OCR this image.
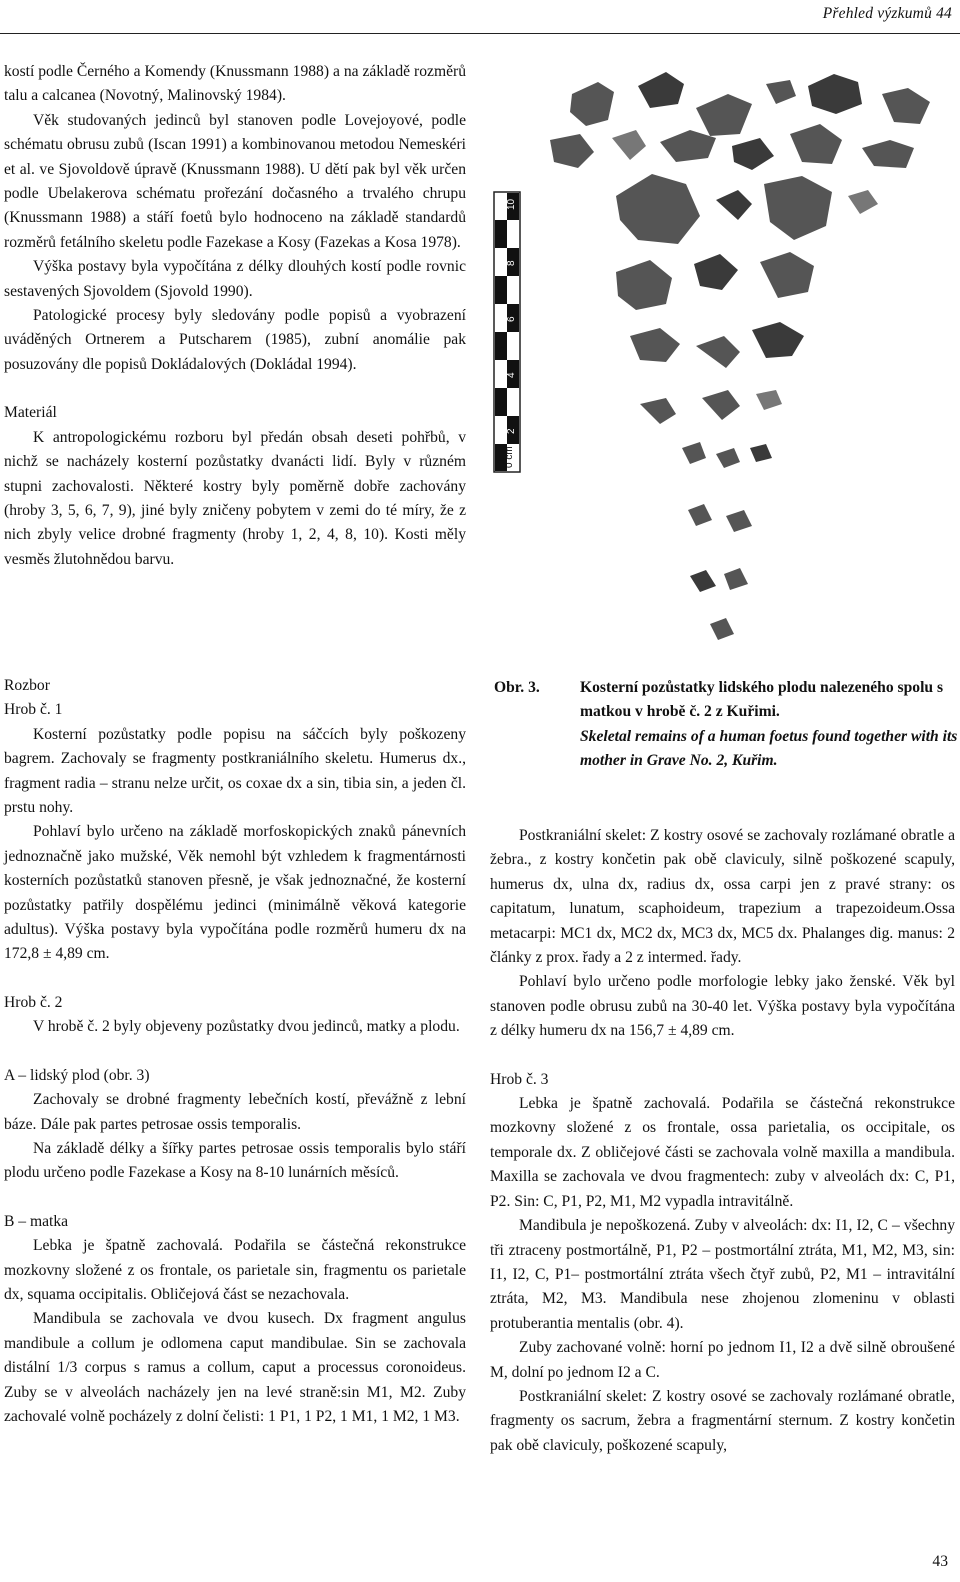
Přehled výzkumů 44

kostí podle Černého a Komendy (Knussmann 1988) a na základě rozměrů talu a calcanea (Novotný, Malinovský 1984).

Věk studovaných jedinců byl stanoven podle Lovejoyové, podle schématu obrusu zubů (Iscan 1991) a kombinovanou metodou Nemeskéri et al. ve Sjovoldově úpravě (Knussmann 1988). U dětí pak byl věk určen podle Ubelakerova schématu prořezání dočasného a trvalého chrupu (Knussmann 1988) a stáří foetů bylo hodnoceno na základě standardů rozměrů fetálního skeletu podle Fazekase a Kosy (Fazekas a Kosa 1978).

Výška postavy byla vypočítána z délky dlouhých kostí podle rovnic sestavených Sjovoldem (Sjovold 1990).

Patologické procesy byly sledovány podle popisů a vyobrazení uváděných Ortnerem a Putscharem (1985), zubní anomálie pak posuzovány dle popisů Dokládalových (Dokládal 1994).

Materiál

K antropologickému rozboru byl předán obsah deseti pohřbů, v nichž se nacházely kosterní pozůstatky dvanácti lidí. Byly v různém stupni zachovalosti. Některé kostry byly poměrně dobře zachovány (hroby 3, 5, 6, 7, 9), jiné byly zničeny pobytem v zemi do té míry, že z nich zbyly velice drobné fragmenty (hroby 1, 2, 4, 8, 10). Kosti měly vesměs žlutohnědou barvu.

Rozbor

Hrob č. 1

Kosterní pozůstatky podle popisu na sáčcích byly poškozeny bagrem. Zachovaly se fragmenty postkraniálního skeletu. Humerus dx., fragment radia – stranu nelze určit, os coxae dx a sin, tibia sin, a jeden čl. prstu nohy.

Pohlaví bylo určeno na základě morfoskopických znaků pánevních jednoznačně jako mužské, Věk nemohl být vzhledem k fragmentárnosti kosterních pozůstatků stanoven přesně, je však jednoznačné, že kosterní pozůstatky patřily dospělému jedinci (minimálně věková kategorie adultus). Výška postavy byla vypočítána podle rozměrů humeru dx na 172,8 ± 4,89 cm.

Hrob č. 2

V hrobě č. 2 byly objeveny pozůstatky dvou jedinců, matky a plodu.

A – lidský plod (obr. 3)

Zachovaly se drobné fragmenty lebečních kostí, převážně z lební báze. Dále pak partes petrosae ossis temporalis.

Na základě délky a šířky partes petrosae ossis temporalis bylo stáří plodu určeno podle Fazekase a Kosy na 8-10 lunárních měsíců.

B – matka

Lebka je špatně zachovalá. Podařila se částečná rekonstrukce mozkovny složené z os frontale, os parietale sin, fragmentu os parietale dx, squama occipitalis. Obličejová část se nezachovala.

Mandibula se zachovala ve dvou kusech. Dx fragment angulus mandibule a collum je odlomena caput mandibulae. Sin se zachovala distální 1/3 corpus s ramus a collum, caput a processus coronoideus. Zuby se v alveolách nacházely jen na levé straně:sin M1, M2. Zuby zachovalé volně pocházely z dolní čelisti: 1 P1, 1 P2, 1 M1, 1 M2, 1 M3.

0 cm
1
2
3
4
5
6
7
8
9
10
Obr. 3.	Kosterní pozůstatky lidského plodu nalezeného spolu s matkou v hrobě č. 2 z Kuřimi.
Skeletal remains of a human foetus found together with its mother in Grave No. 2, Kuřim.

Postkraniální skelet: Z kostry osové se zachovaly rozlámané obratle a žebra., z kostry končetin pak obě claviculy, silně poškozené scapuly, humerus dx, ulna dx, radius dx, ossa carpi jen z pravé strany: os capitatum, lunatum, scaphoideum, trapezium a trapezoideum.Ossa metacarpi: MC1 dx, MC2 dx, MC3 dx, MC5 dx. Phalanges dig. manus: 2 články z prox. řady a 2 z intermed. řady.

Pohlaví bylo určeno podle morfologie lebky jako ženské. Věk byl stanoven podle obrusu zubů na 30-40 let. Výška postavy byla vypočítána z délky humeru dx na 156,7 ± 4,89 cm.

Hrob č. 3

Lebka je špatně zachovalá. Podařila se částečná rekonstrukce mozkovny složené z os frontale, ossa parietalia, os occipitale, os temporale dx. Z obličejové části se zachovala volně maxilla a mandibula. Maxilla se zachovala ve dvou fragmentech: zuby v alveolách dx: C, P1, P2. Sin: C, P1, P2, M1, M2 vypadla intravitálně.

Mandibula je nepoškozená. Zuby v alveolách: dx: I1, I2, C – všechny tři ztraceny postmortálně, P1, P2 – postmortální ztráta, M1, M2, M3, sin: I1, I2, C, P1– postmortální ztráta všech čtyř zubů, P2, M1 – intravitální ztráta, M2, M3. Mandibula nese zhojenou zlomeninu v oblasti protuberantia mentalis (obr. 4).

Zuby zachované volně: horní po jednom I1, I2 a dvě silně obroušené M, dolní po jednom I2 a C.

Postkraniální skelet: Z kostry osové se zachovaly rozlámané obratle, fragmenty os sacrum, žebra a fragmentární sternum. Z kostry končetin pak obě claviculy, poškozené scapuly,

43
